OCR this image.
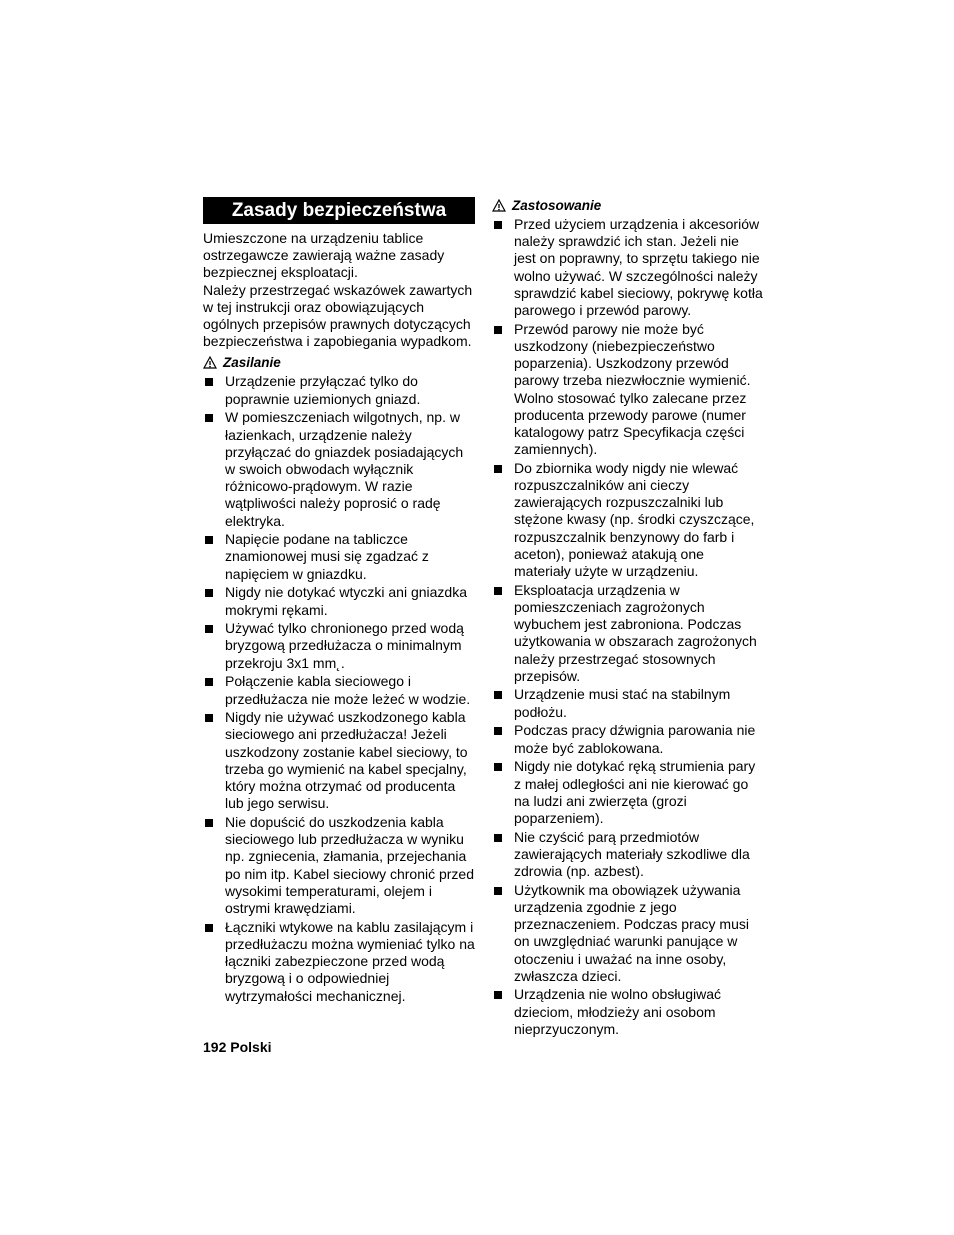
Zasady bezpieczeństwa

Umieszczone na urządzeniu tablice ostrzegawcze zawierają ważne zasady bezpiecznej eksploatacji.

Należy przestrzegać wskazówek zawartych w tej instrukcji oraz obowiązujących ogólnych przepisów prawnych dotyczących bezpieczeństwa i zapobiegania wypadkom.

Zasilanie
Urządzenie przyłączać tylko do poprawnie uziemionych gniazd.
W pomieszczeniach wilgotnych, np. w łazienkach, urządzenie należy przyłączać do gniazdek posiadających w swoich obwodach wyłącznik różnicowo-prądowym. W razie wątpliwości należy poprosić o radę elektryka.
Napięcie podane na tabliczce znamionowej musi się zgadzać z napięciem w gniazdku.
Nigdy nie dotykać wtyczki ani gniazdka mokrymi rękami.
Używać tylko chronionego przed wodą bryzgową przedłużacza o minimalnym przekroju 3x1 mm˛.
Połączenie kabla sieciowego i przedłużacza nie może leżeć w wodzie.
Nigdy nie używać uszkodzonego kabla sieciowego ani przedłużacza! Jeżeli uszkodzony zostanie kabel sieciowy, to trzeba go wymienić na kabel specjalny, który można otrzymać od producenta lub jego serwisu.
Nie dopuścić do uszkodzenia kabla sieciowego lub przedłużacza w wyniku np. zgniecenia, złamania, przejechania po nim itp. Kabel sieciowy chronić przed wysokimi temperaturami, olejem i ostrymi krawędziami.
Łączniki wtykowe na kablu zasilającym i przedłużaczu można wymieniać tylko na łączniki zabezpieczone przed wodą bryzgową i o odpowiedniej wytrzymałości mechanicznej.
Zastosowanie
Przed użyciem urządzenia i akcesoriów należy sprawdzić ich stan. Jeżeli nie jest on poprawny, to sprzętu takiego nie wolno używać. W szczególności należy sprawdzić kabel sieciowy, pokrywę kotła parowego i przewód parowy.
Przewód parowy nie może być uszkodzony (niebezpieczeństwo poparzenia). Uszkodzony przewód parowy trzeba niezwłocznie wymienić. Wolno stosować tylko zalecane przez producenta przewody parowe (numer katalogowy patrz Specyfikacja części zamiennych).
Do zbiornika wody nigdy nie wlewać rozpuszczalników ani cieczy zawierających rozpuszczalniki lub stężone kwasy (np. środki czyszczące, rozpuszczalnik benzynowy do farb i aceton), ponieważ atakują one materiały użyte w urządzeniu.
Eksploatacja urządzenia w pomieszczeniach zagrożonych wybuchem jest zabroniona. Podczas użytkowania w obszarach zagrożonych należy przestrzegać stosownych przepisów.
Urządzenie musi stać na stabilnym podłożu.
Podczas pracy dźwignia parowania nie może być zablokowana.
Nigdy nie dotykać ręką strumienia pary z małej odległości ani nie kierować go na ludzi ani zwierzęta (grozi poparzeniem).
Nie czyścić parą przedmiotów zawierających materiały szkodliwe dla zdrowia (np. azbest).
Użytkownik ma obowiązek używania urządzenia zgodnie z jego przeznaczeniem. Podczas pracy musi on uwzględniać warunki panujące w otoczeniu i uważać na inne osoby, zwłaszcza dzieci.
Urządzenia nie wolno obsługiwać dzieciom, młodzieży ani osobom nieprzyuczonym.
192 Polski
